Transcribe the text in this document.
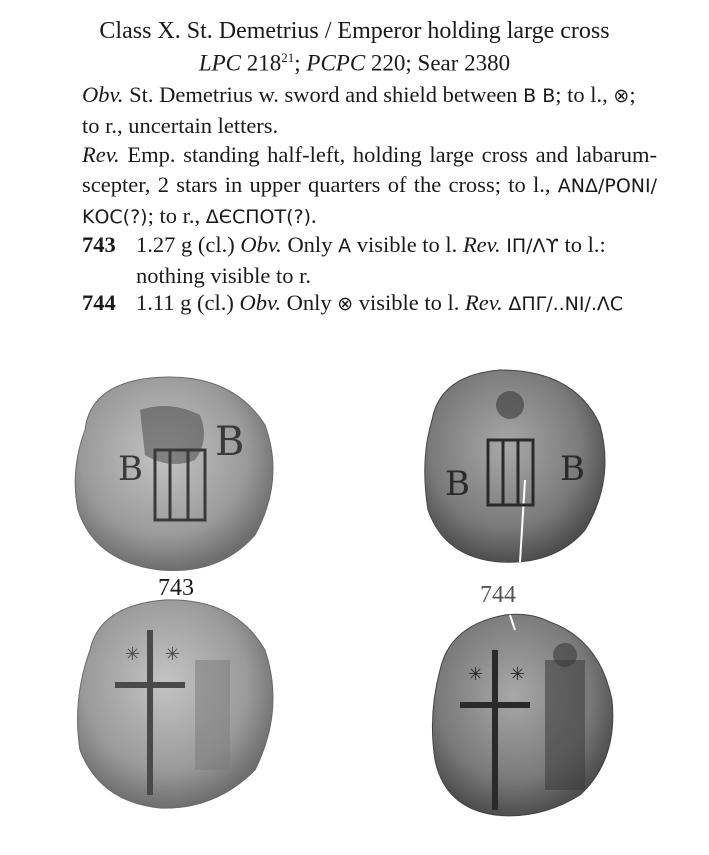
Class X. St. Demetrius / Emperor holding large cross
LPC $218^{21}$; PCPC 220; Sear 2380
Obv. St. Demetrius w. sword and shield between Β Β; to l., ⊗;
to r., uncertain letters.
Rev. Emp. standing half-left, holding large cross and labarum-scepter, 2 stars in upper quarters of the cross; to l., ΑΝΔ/ΡΟΝΙ/ΚΟϹ(?); to r., ΔЄϹΠΟΤ(?).
743 1.27 g (cl.) Obv. Only Α visible to l. Rev. ΙΠ/Λϒ to l.:
nothing visible to r.
744 1.11 g (cl.) Obv. Only ⊗ visible to l. Rev. ΔΠΓ/..ΝΙ/.ΛϹ
B
B
B	B
✳ ✳
✳ ✳
743	744
